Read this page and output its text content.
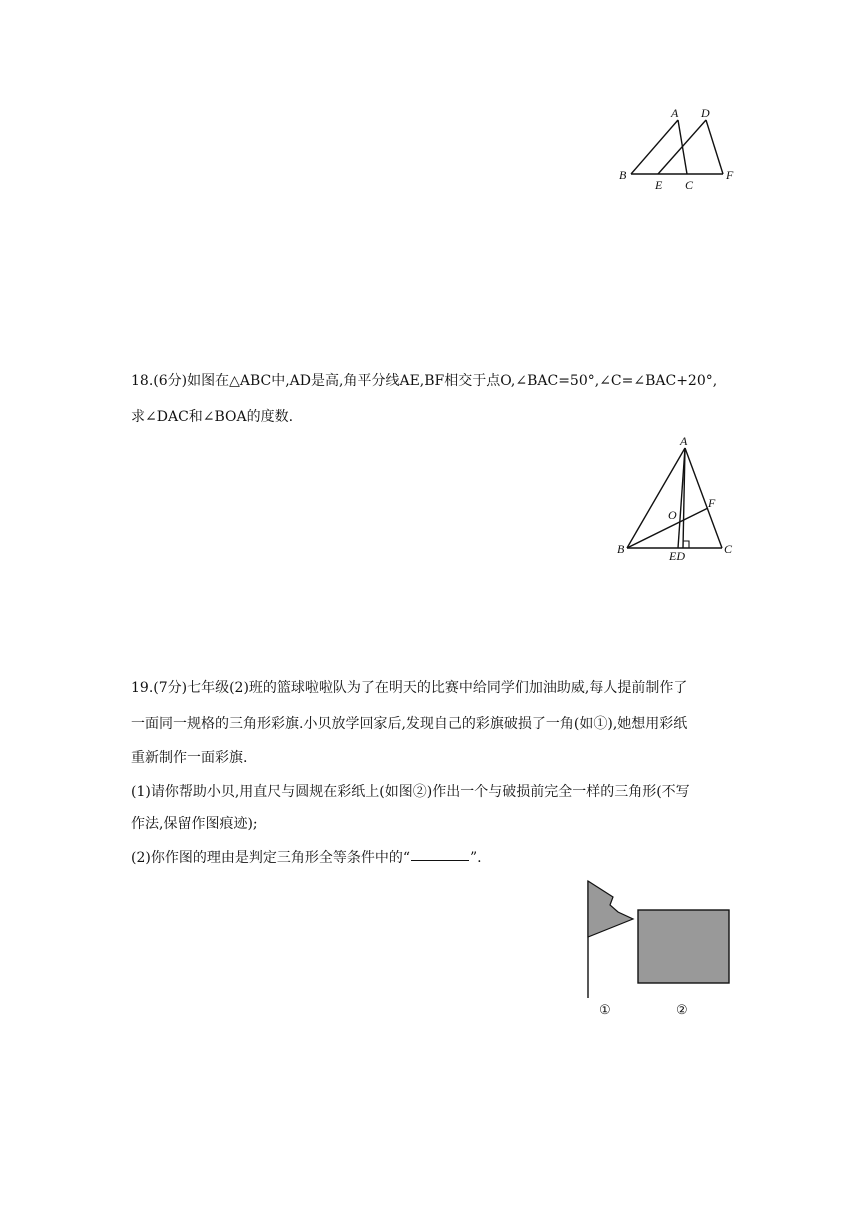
A D
B
E C
F
18.(6分)如图在△ABC中,AD是高,角平分线AE,BF相交于点O,∠BAC=50°,∠C=∠BAC+20°,
求∠DAC和∠BOA的度数.
A
F
O
B	ED	C
19.(7分)七年级(2)班的篮球啦啦队为了在明天的比赛中给同学们加油助威,每人提前制作了
一面同一规格的三角形彩旗.小贝放学回家后,发现自己的彩旗破损了一角(如①),她想用彩纸
重新制作一面彩旗.
(1)请你帮助小贝,用直尺与圆规在彩纸上(如图②)作出一个与破损前完全一样的三角形(不写
作法,保留作图痕迹);
(2)你作图的理由是判定三角形全等条件中的“	”.
①	②
